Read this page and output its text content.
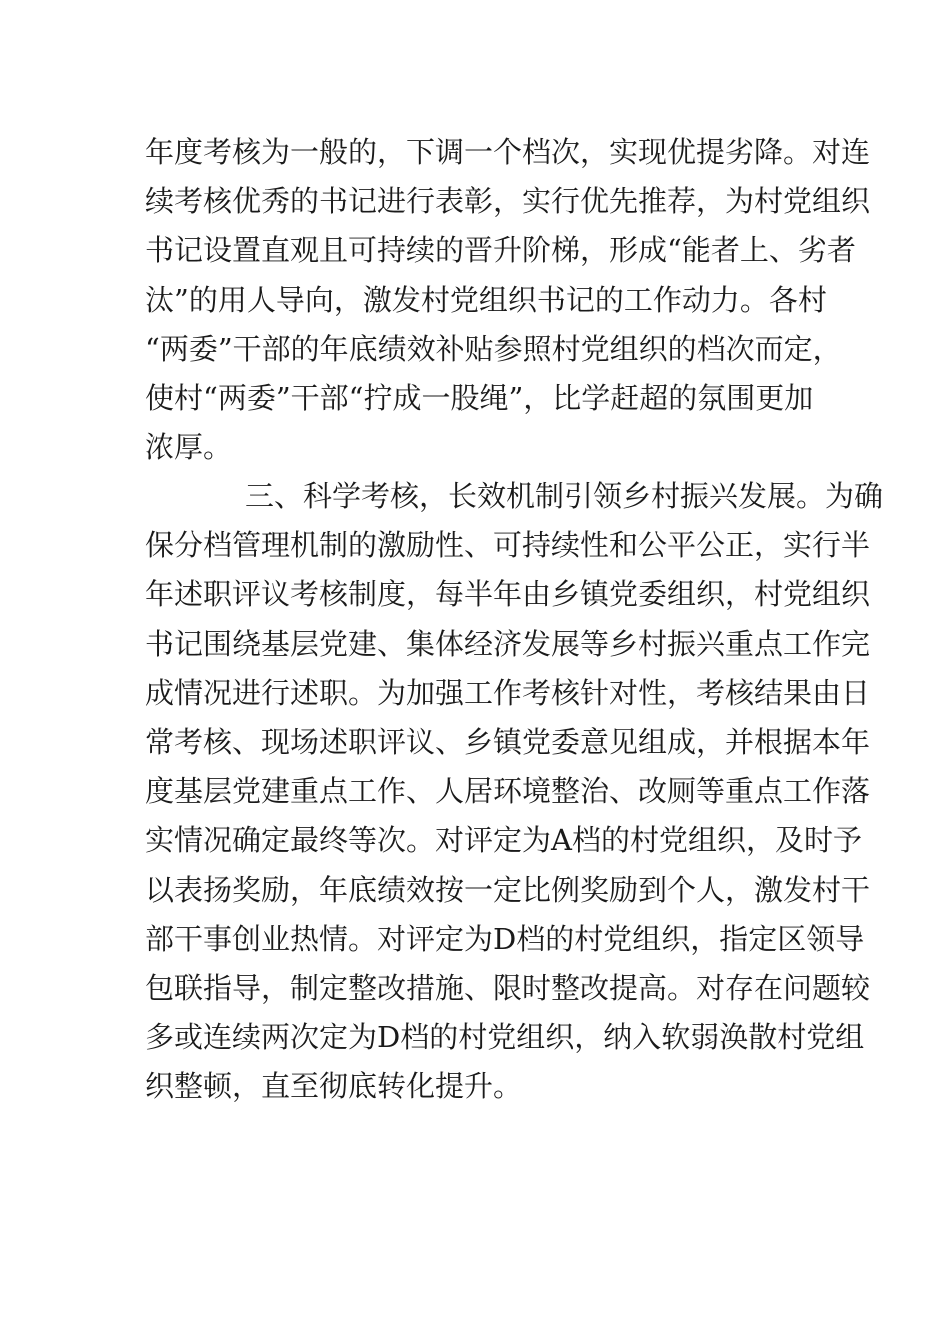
年度考核为一般的，下调一个档次，实现优提劣降。对连
续考核优秀的书记进行表彰，实行优先推荐，为村党组织
书记设置直观且可持续的晋升阶梯，形成“能者上、劣者
汰”的用人导向，激发村党组织书记的工作动力。各村
“两委”干部的年底绩效补贴参照村党组织的档次而定，
使村“两委”干部“拧成一股绳”，比学赶超的氛围更加
浓厚。
三、科学考核，长效机制引领乡村振兴发展。为确
保分档管理机制的激励性、可持续性和公平公正，实行半
年述职评议考核制度，每半年由乡镇党委组织，村党组织
书记围绕基层党建、集体经济发展等乡村振兴重点工作完
成情况进行述职。为加强工作考核针对性，考核结果由日
常考核、现场述职评议、乡镇党委意见组成，并根据本年
度基层党建重点工作、人居环境整治、改厕等重点工作落
实情况确定最终等次。对评定为A档的村党组织，及时予
以表扬奖励，年底绩效按一定比例奖励到个人，激发村干
部干事创业热情。对评定为D档的村党组织，指定区领导
包联指导，制定整改措施、限时整改提高。对存在问题较
多或连续两次定为D档的村党组织，纳入软弱涣散村党组
织整顿，直至彻底转化提升。
